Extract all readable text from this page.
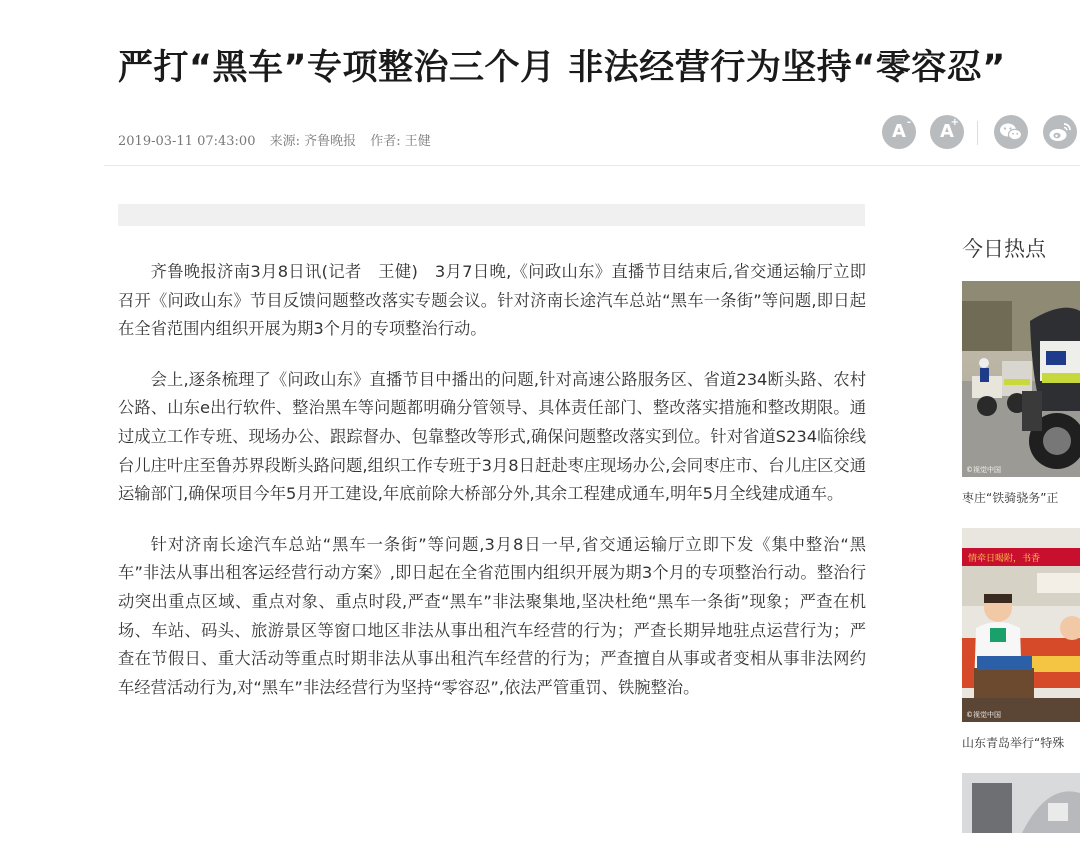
严打“黑车”专项整治三个月 非法经营行为坚持“零容忍”
2019-03-11 07:43:00 来源: 齐鲁晚报 作者: 王健	A -	A
+

齐鲁晚报济南3月8日讯(记者　王健)　3月7日晚,《问政山东》直播节目结束后,省交通运输厅立即召开《问政山东》节目反馈问题整改落实专题会议。针对济南长途汽车总站“黑车一条街”等问题,即日起在全省范围内组织开展为期3个月的专项整治行动。

会上,逐条梳理了《问政山东》直播节目中播出的问题,针对高速公路服务区、省道234断头路、农村公路、山东e出行软件、整治黑车等问题都明确分管领导、具体责任部门、整改落实措施和整改期限。通过成立工作专班、现场办公、跟踪督办、包靠整改等形式,确保问题整改落实到位。针对省道S234临徐线台儿庄叶庄至鲁苏界段断头路问题,组织工作专班于3月8日赶赴枣庄现场办公,会同枣庄市、台儿庄区交通运输部门,确保项目今年5月开工建设,年底前除大桥部分外,其余工程建成通车,明年5月全线建成通车。

针对济南长途汽车总站“黑车一条街”等问题,3月8日一早,省交通运输厅立即下发《集中整治“黑车”非法从事出租客运经营行动方案》,即日起在全省范围内组织开展为期3个月的专项整治行动。整治行动突出重点区域、重点对象、重点时段,严查“黑车”非法聚集地,坚决杜绝“黑车一条街”现象；严查在机场、车站、码头、旅游景区等窗口地区非法从事出租汽车经营的行为；严查长期异地驻点运营行为；严查在节假日、重大活动等重点时期非法从事出租汽车经营的行为；严查擅自从事或者变相从事非法网约车经营活动行为,对“黑车”非法经营行为坚持“零容忍”,依法严管重罚、铁腕整治。

今日热点
©视觉中国
枣庄“铁骑骁务”正
情牵日喝附，书香
©视觉中国
山东青岛举行“特殊
